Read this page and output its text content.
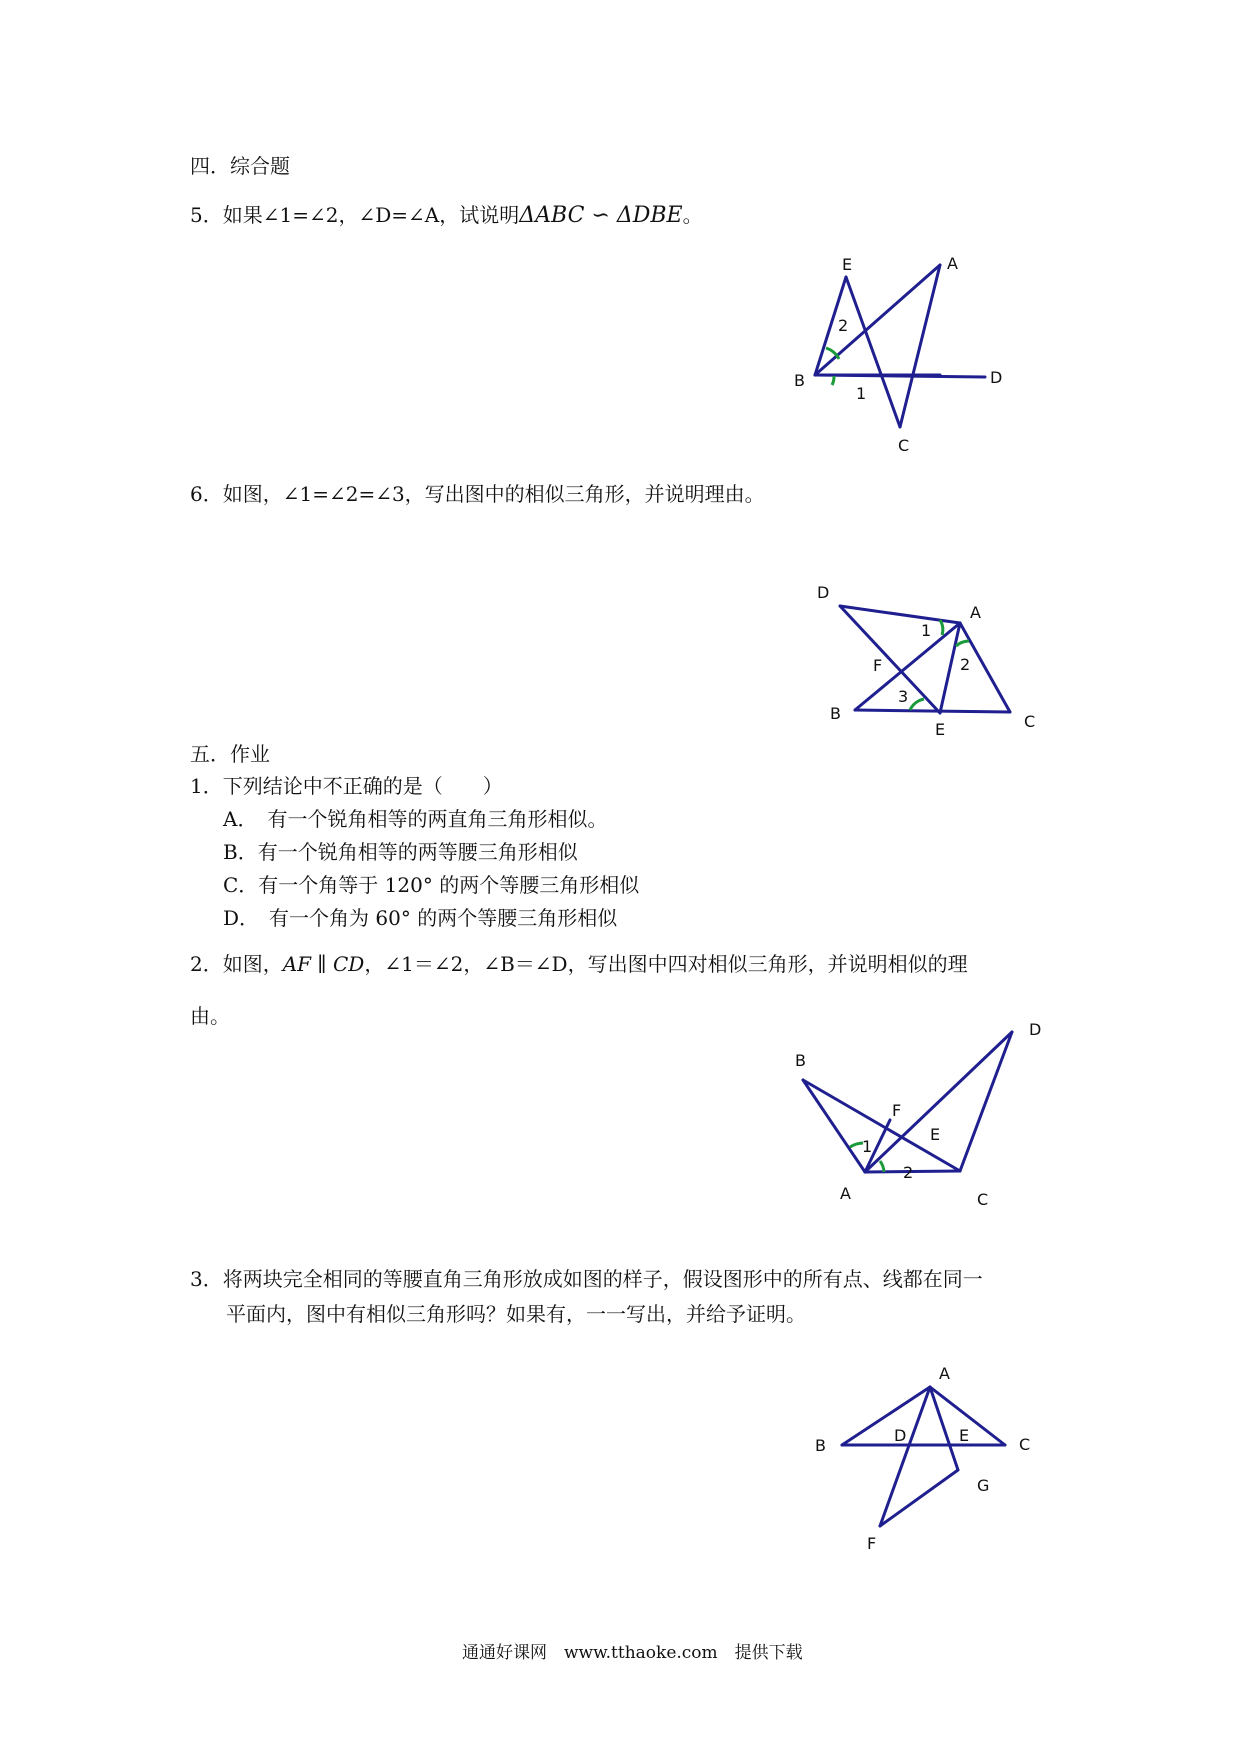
四．综合题
5．如果∠1=∠2，∠D=∠A，试说明ΔABC ∽ ΔDBE。
E	A
B	D
C
2
1
6．如图，∠1=∠2=∠3，写出图中的相似三角形，并说明理由。
D
A
F
B
E	C
1
2
3
五．作业
1．下列结论中不正确的是（　　）
A．　有一个锐角相等的两直角三角形相似。
B．有一个锐角相等的两等腰三角形相似
C．有一个角等于 120° 的两个等腰三角形相似
D．　有一个角为 60° 的两个等腰三角形相似
2．如图，AF ∥ CD，∠1＝∠2，∠B＝∠D，写出图中四对相似三角形，并说明相似的理
由。
B
F
E
D
A	C
1
2
3．将两块完全相同的等腰直角三角形放成如图的样子，假设图形中的所有点、线都在同一
平面内，图中有相似三角形吗？如果有，一一写出，并给予证明。
A
B
D	E	C
G
F
通通好课网　www.tthaoke.com　提供下载
